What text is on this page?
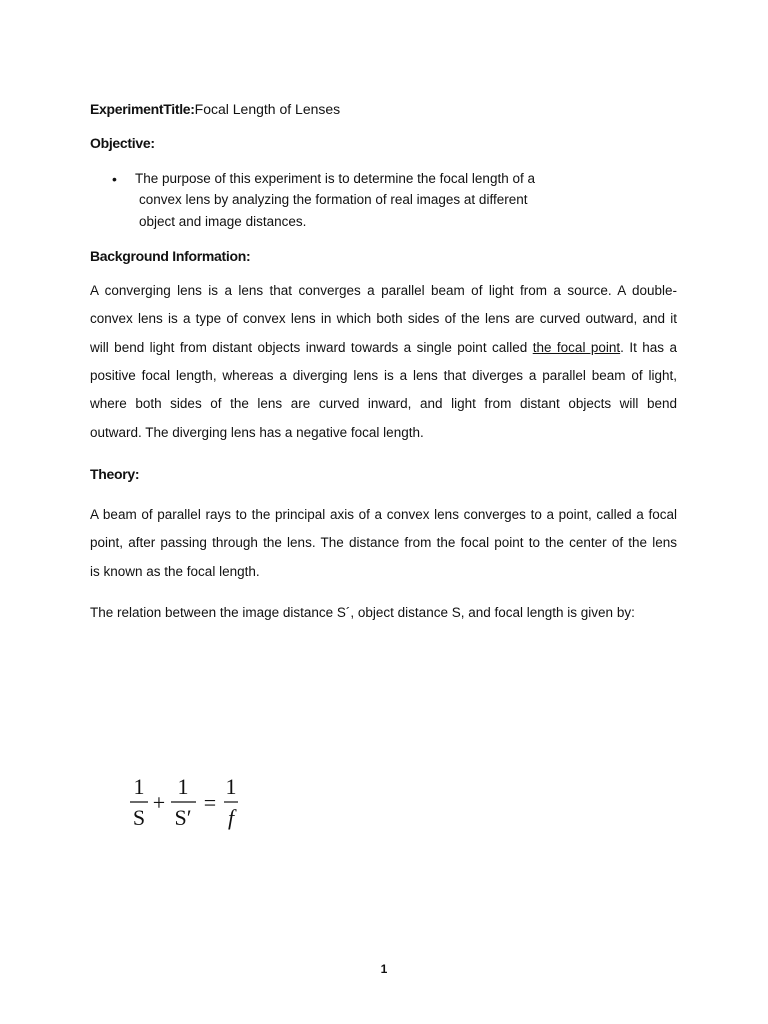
ExperimentTitle:Focal Length of Lenses
Objective:
• The purpose of this experiment is to determine the focal length of a
convex lens by analyzing the formation of real images at different
object and image distances.
Background Information:
A converging lens is a lens that converges a parallel beam of light from a source. A double-
convex lens is a type of convex lens in which both sides of the lens are curved outward, and it
will bend light from distant objects inward towards a single point called the focal point. It has a
positive focal length, whereas a diverging lens is a lens that diverges a parallel beam of light,
where both sides of the lens are curved inward, and light from distant objects will bend
outward. The diverging lens has a negative focal length.
Theory:
A beam of parallel rays to the principal axis of a convex lens converges to a point, called a focal
point, after passing through the lens. The distance from the focal point to the center of the lens
is known as the focal length.
The relation between the image distance S´, object distance S, and focal length is given by:
1
S
+
1
S′
=
1
f
1
